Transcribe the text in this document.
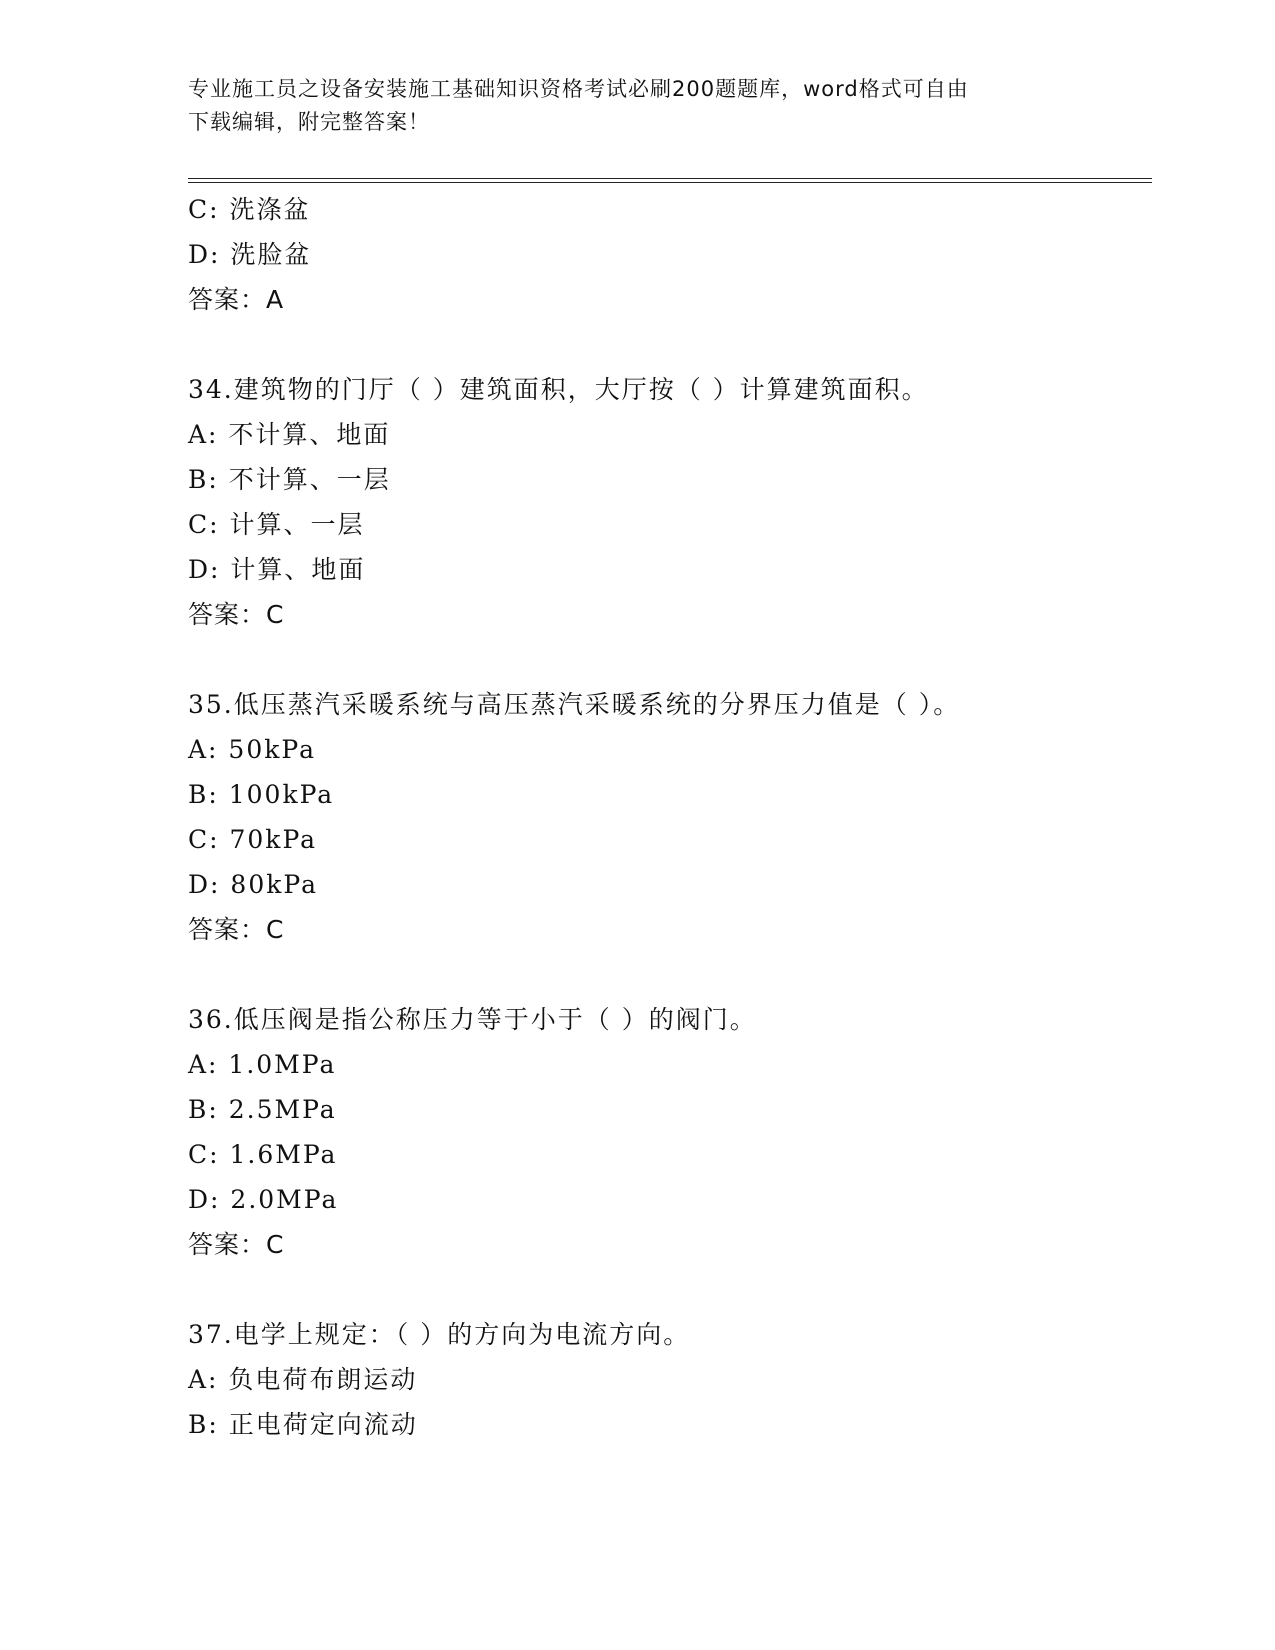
专业施工员之设备安装施工基础知识资格考试必刷200题题库，word格式可自由
下载编辑，附完整答案！
C: 洗涤盆
D: 洗脸盆
答案：A
34.建筑物的门厅（ ）建筑面积，大厅按（ ）计算建筑面积。
A: 不计算、地面
B: 不计算、一层
C: 计算、一层
D: 计算、地面
答案：C
35.低压蒸汽采暖系统与高压蒸汽采暖系统的分界压力值是（ ）。
A: 50kPa
B: 100kPa
C: 70kPa
D: 80kPa
答案：C
36.低压阀是指公称压力等于小于（ ）的阀门。
A: 1.0MPa
B: 2.5MPa
C: 1.6MPa
D: 2.0MPa
答案：C
37.电学上规定：（ ）的方向为电流方向。
A: 负电荷布朗运动
B: 正电荷定向流动
